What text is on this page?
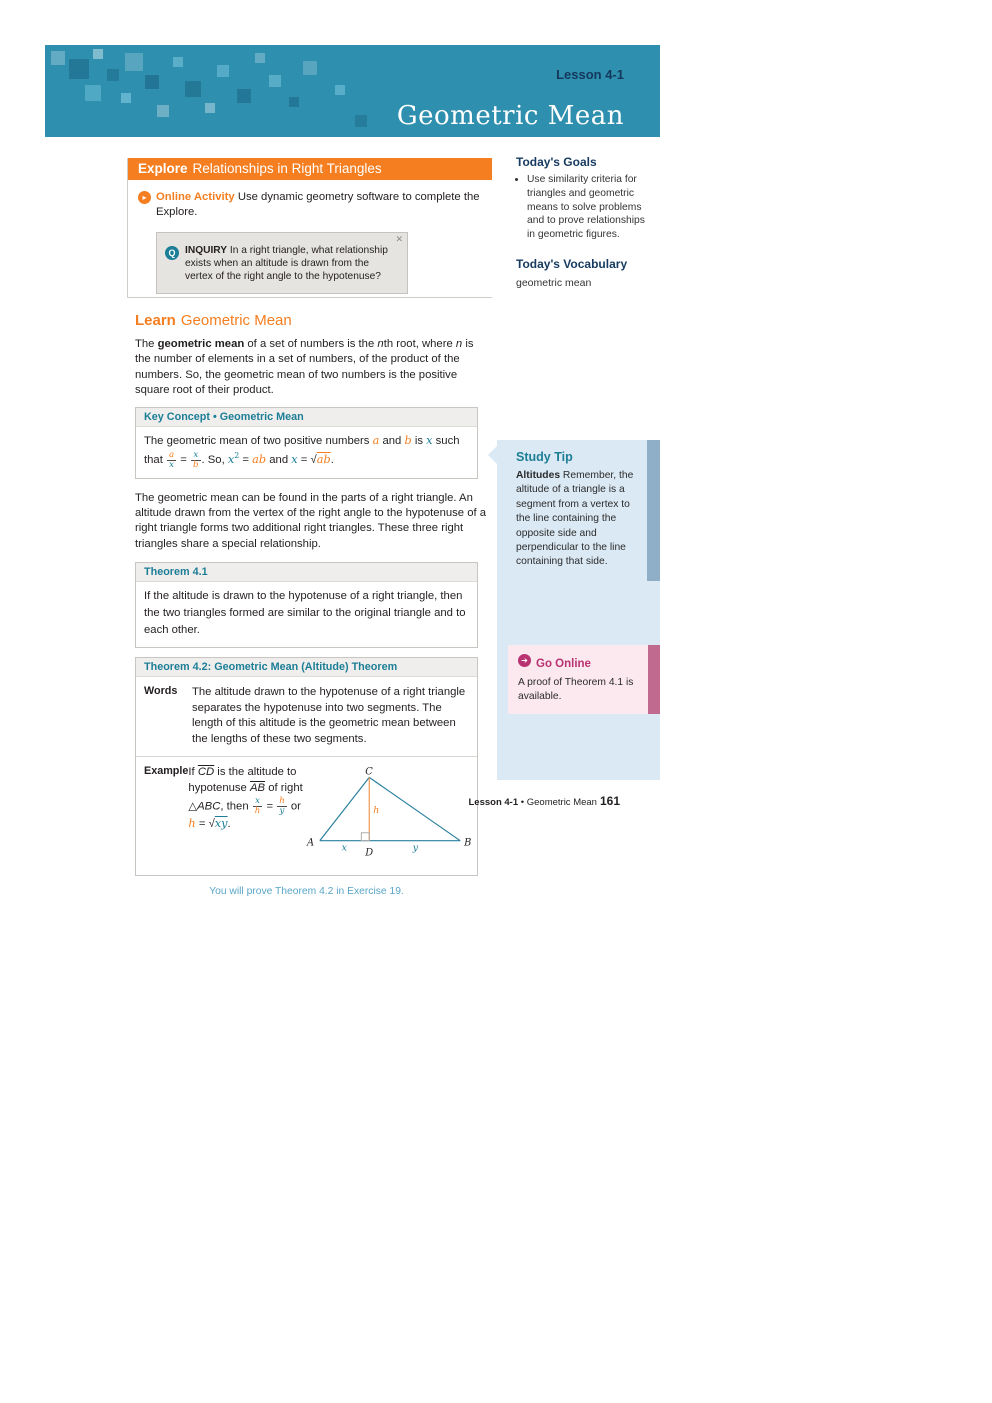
Lesson 4-1
Geometric Mean
Explore Relationships in Right Triangles
▸ Online Activity Use dynamic geometry software to complete the Explore.
✕
Q INQUIRY In a right triangle, what relationship exists when an altitude is drawn from the vertex of the right angle to the hypotenuse?
Learn Geometric Mean

The geometric mean of a set of numbers is the nth root, where n is the number of elements in a set of numbers, of the product of the numbers. So, the geometric mean of two numbers is the positive square root of their product.

Key Concept • Geometric Mean
The geometric mean of two positive numbers a and b is x such that $\frac{a}{x} = \frac{x}{b}$ . So, $x^2$ = ab and x = √ab.

The geometric mean can be found in the parts of a right triangle. An altitude drawn from the vertex of the right angle to the hypotenuse of a right triangle forms two additional right triangles. These three right triangles share a special relationship.

Theorem 4.1
If the altitude is drawn to the hypotenuse of a right triangle, then the two triangles formed are similar to the original triangle and to each other.
Theorem 4.2: Geometric Mean (Altitude) Theorem
Words	The altitude drawn to the hypotenuse of a right triangle separates the hypotenuse into two segments. The length of this altitude is the geometric mean between the lengths of these two segments.
Example If $\overline{CD}$ is the altitude to hypotenuse $\overline{AB}$ of right △ABC, then $\frac{x}{h} = \frac{h}{y}$ or h = √xy.
A	B
C
D
h
x	y
You will prove Theorem 4.2 in Exercise 19.
Today's Goals
• Use similarity criteria for triangles and geometric means to solve problems and to prove relationships in geometric figures.
Today's Vocabulary
geometric mean
Study Tip
Altitudes Remember, the altitude of a triangle is a segment from a vertex to the line containing the opposite side and perpendicular to the line containing that side.
➔ Go Online
A proof of Theorem 4.1 is available.
Lesson 4-1 • Geometric Mean 161
